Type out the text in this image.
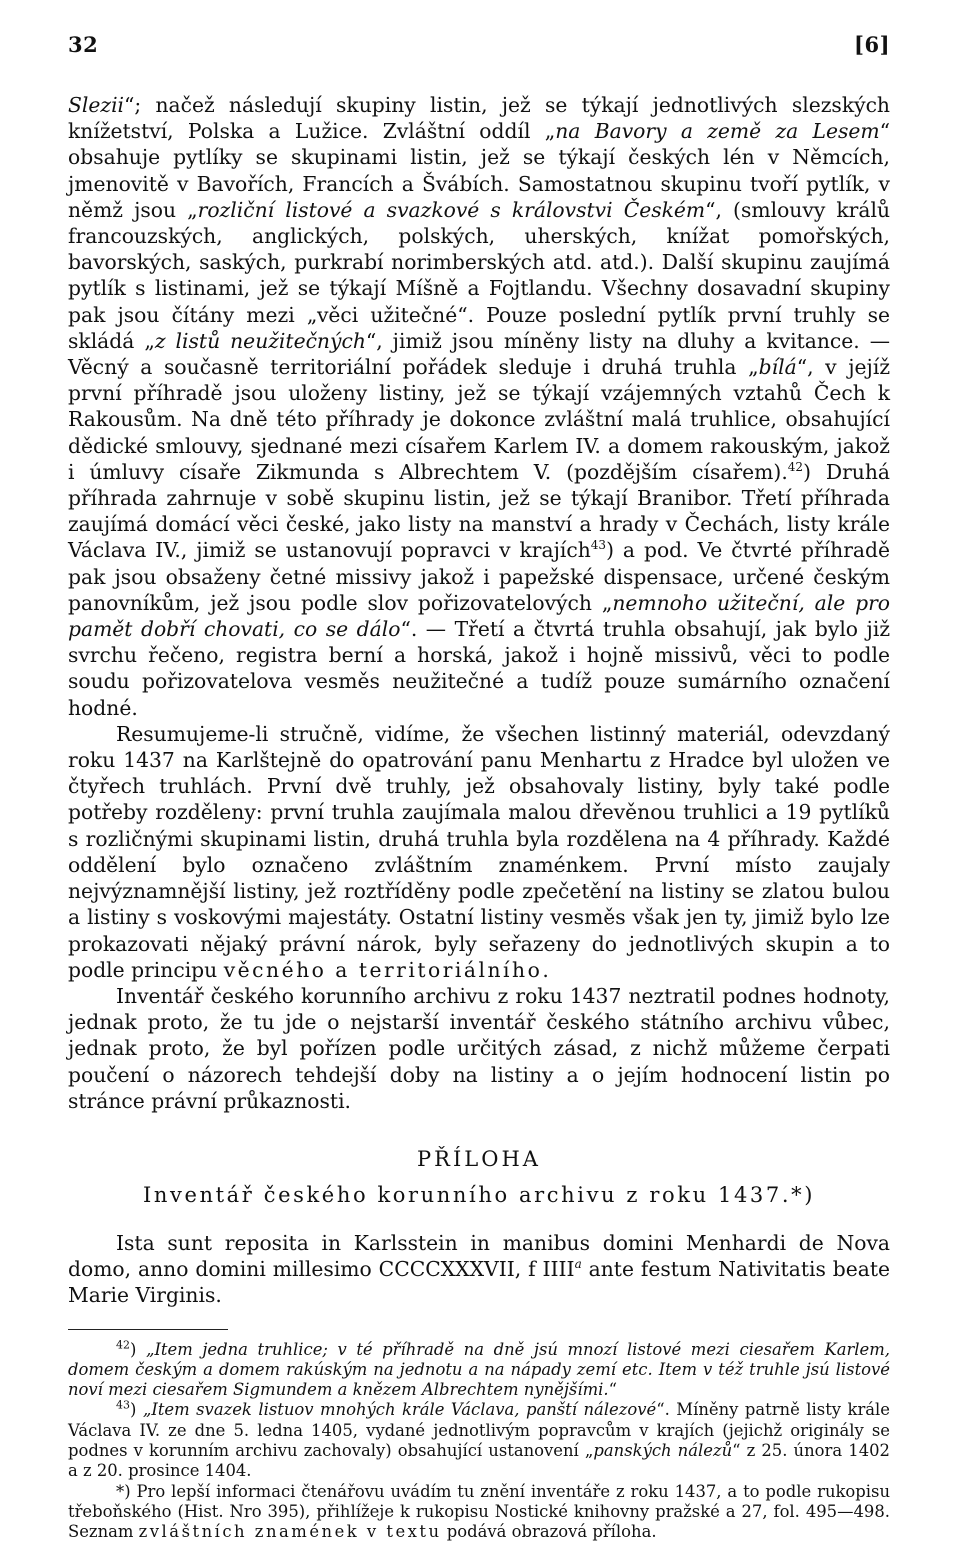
32	[6]

Slezii“; načež následují skupiny listin, jež se týkají jednotlivých slezských knížetství, Polska a Lužice. Zvláštní oddíl „na Bavory a země za Lesem“ obsahuje pytlíky se skupinami listin, jež se týkají českých lén v Němcích, jmenovitě v Bavořích, Francích a Švábích. Samostatnou skupinu tvoří pytlík, v němž jsou „rozliční listové a svazkové s královstvi Českém“, (smlouvy králů francouzských, anglických, polských, uherských, knížat pomořských, bavorských, saských, purkrabí norimberských atd. atd.). Další skupinu zaujímá pytlík s listinami, jež se týkají Míšně a Fojtlandu. Všechny dosavadní skupiny pak jsou čítány mezi „věci užitečné“. Pouze poslední pytlík první truhly se skládá „z listů neužitečných“, jimiž jsou míněny listy na dluhy a kvitance. — Věcný a současně territoriální pořádek sleduje i druhá truhla „bílá“, v jejíž první příhradě jsou uloženy listiny, jež se týkají vzájemných vztahů Čech k Rakousům. Na dně této příhrady je dokonce zvláštní malá truhlice, obsahující dědické smlouvy, sjednané mezi císařem Karlem IV. a domem rakouským, jakož i úmluvy císaře Zikmunda s Albrechtem V. (pozdějším císařem).$^{42}$) Druhá příhrada zahrnuje v sobě skupinu listin, jež se týkají Branibor. Třetí příhrada zaujímá domácí věci české, jako listy na manství a hrady v Čechách, listy krále Václava IV., jimiž se ustanovují popravci v krajích$^{43}$) a pod. Ve čtvrté příhradě pak jsou obsaženy četné missivy jakož i papežské dispensace, určené českým panovníkům, jež jsou podle slov pořizovatelových „nemnoho užiteční, ale pro pamět dobří chovati, co se dálo“. — Třetí a čtvrtá truhla obsahují, jak bylo již svrchu řečeno, registra berní a horská, jakož i hojně missivů, věci to podle soudu pořizovatelova vesměs neužitečné a tudíž pouze sumárního označení hodné.

Resumujeme-li stručně, vidíme, že všechen listinný materiál, odevzdaný roku 1437 na Karlštejně do opatrování panu Menhartu z Hradce byl uložen ve čtyřech truhlách. První dvě truhly, jež obsahovaly listiny, byly také podle potřeby rozděleny: první truhla zaujímala malou dřevěnou truhlici a 19 pytlíků s rozličnými skupinami listin, druhá truhla byla rozdělena na 4 příhrady. Každé oddělení bylo označeno zvláštním znaménkem. První místo zaujaly nejvýznamnější listiny, jež roztříděny podle zpečetění na listiny se zlatou bulou a listiny s voskovými majestáty. Ostatní listiny vesměs však jen ty, jimiž bylo lze prokazovati nějaký právní nárok, byly seřazeny do jednotlivých skupin a to podle principu věcného a territoriálního.

Inventář českého korunního archivu z roku 1437 neztratil podnes hodnoty, jednak proto, že tu jde o nejstarší inventář českého státního archivu vůbec, jednak proto, že byl pořízen podle určitých zásad, z nichž můžeme čerpati poučení o názorech tehdejší doby na listiny a o jejím hodnocení listin po stránce právní průkaznosti.

PŘÍLOHA
Inventář českého korunního archivu z roku 1437.*)

Ista sunt reposita in Karlsstein in manibus domini Menhardi de Nova domo, anno domini millesimo CCCCXXXVII, f IIII$^a$ ante festum Nativitatis beate Marie Virginis.

$^{42}$) „Item jedna truhlice; v té příhradě na dně jsú mnozí listové mezi ciesařem Karlem, domem českým a domem rakúským na jednotu a na nápady zemí etc. Item v též truhle jsú listové noví mezi ciesařem Sigmundem a knězem Albrechtem nynějšími.“

$^{43}$) „Item svazek listuov mnohých krále Václava, panští nálezové“. Míněny patrně listy krále Václava IV. ze dne 5. ledna 1405, vydané jednotlivým popravcům v krajích (jejichž originály se podnes v korunním archivu zachovaly) obsahující ustanovení „panských nálezů“ z 25. února 1402 a z 20. prosince 1404.

*) Pro lepší informaci čtenářovu uvádím tu znění inventáře z roku 1437, a to podle rukopisu třeboňského (Hist. Nro 395), přihlížeje k rukopisu Nostické knihovny pražské a 27, fol. 495—498. Seznam zvláštních znamének v textu podává obrazová příloha.
